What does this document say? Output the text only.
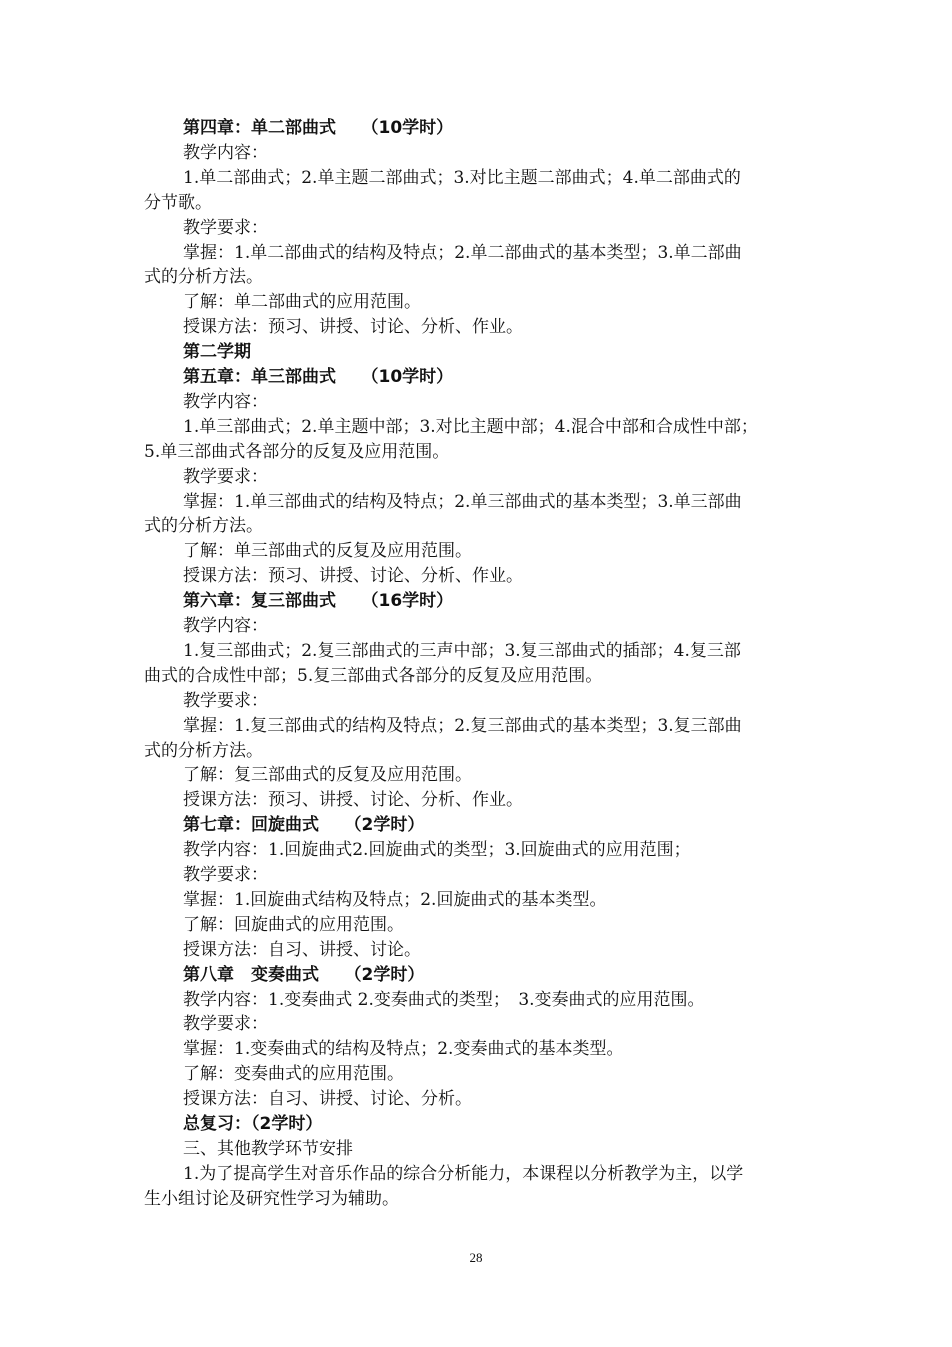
第四章：单二部曲式　　（10学时）
教学内容：
1.单二部曲式；2.单主题二部曲式；3.对比主题二部曲式；4.单二部曲式的
分节歌。
教学要求：
掌握：1.单二部曲式的结构及特点；2.单二部曲式的基本类型；3.单二部曲
式的分析方法。
了解：单二部曲式的应用范围。
授课方法：预习、讲授、讨论、分析、作业。
第二学期
第五章：单三部曲式　　（10学时）
教学内容：
1.单三部曲式；2.单主题中部；3.对比主题中部；4.混合中部和合成性中部；
5.单三部曲式各部分的反复及应用范围。
教学要求：
掌握：1.单三部曲式的结构及特点；2.单三部曲式的基本类型；3.单三部曲
式的分析方法。
了解：单三部曲式的反复及应用范围。
授课方法：预习、讲授、讨论、分析、作业。
第六章：复三部曲式　　（16学时）
教学内容：
1.复三部曲式；2.复三部曲式的三声中部；3.复三部曲式的插部；4.复三部
曲式的合成性中部；5.复三部曲式各部分的反复及应用范围。
教学要求：
掌握：1.复三部曲式的结构及特点；2.复三部曲式的基本类型；3.复三部曲
式的分析方法。
了解：复三部曲式的反复及应用范围。
授课方法：预习、讲授、讨论、分析、作业。
第七章：回旋曲式　　（2学时）
教学内容：1.回旋曲式2.回旋曲式的类型；3.回旋曲式的应用范围；
教学要求：
掌握：1.回旋曲式结构及特点；2.回旋曲式的基本类型。
了解：回旋曲式的应用范围。
授课方法：自习、讲授、讨论。
第八章　变奏曲式　　（2学时）
教学内容：1.变奏曲式 2.变奏曲式的类型；　3.变奏曲式的应用范围。
教学要求：
掌握：1.变奏曲式的结构及特点；2.变奏曲式的基本类型。
了解：变奏曲式的应用范围。
授课方法：自习、讲授、讨论、分析。
总复习：（2学时）
三、其他教学环节安排
1.为了提高学生对音乐作品的综合分析能力，本课程以分析教学为主，以学
生小组讨论及研究性学习为辅助。
28
